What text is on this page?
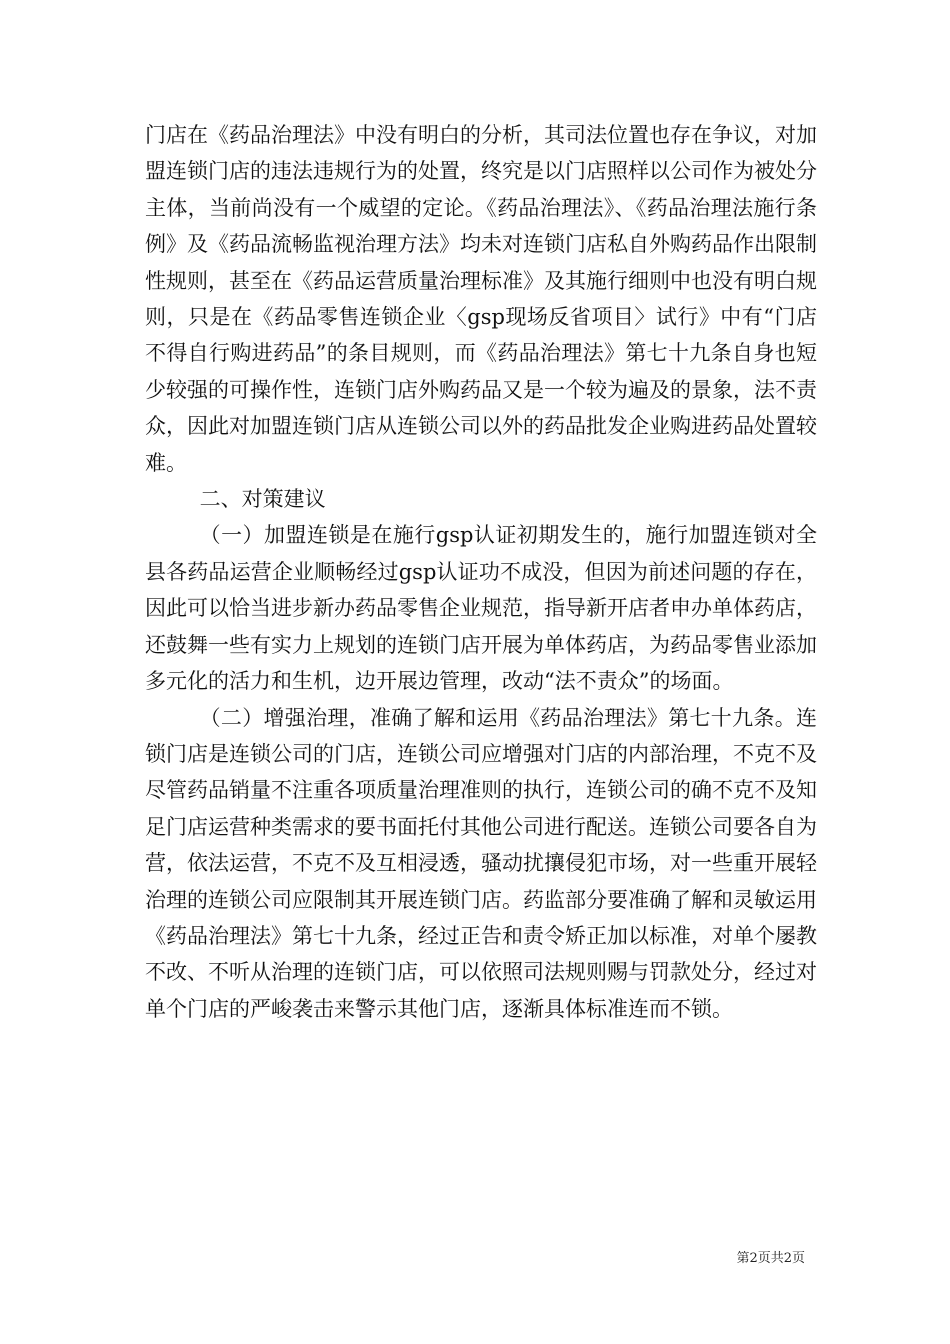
门店在《药品治理法》中没有明白的分析，其司法位置也存在争议，对加盟连锁门店的违法违规行为的处置，终究是以门店照样以公司作为被处分主体，当前尚没有一个威望的定论。《药品治理法》、《药品治理法施行条例》及《药品流畅监视治理方法》均未对连锁门店私自外购药品作出限制性规则，甚至在《药品运营质量治理标准》及其施行细则中也没有明白规则，只是在《药品零售连锁企业〈gsp现场反省项目〉试行》中有“门店不得自行购进药品”的条目规则，而《药品治理法》第七十九条自身也短少较强的可操作性，连锁门店外购药品又是一个较为遍及的景象，法不责众，因此对加盟连锁门店从连锁公司以外的药品批发企业购进药品处置较难。

二、对策建议

（一）加盟连锁是在施行gsp认证初期发生的，施行加盟连锁对全县各药品运营企业顺畅经过gsp认证功不成没，但因为前述问题的存在，因此可以恰当进步新办药品零售企业规范，指导新开店者申办单体药店，还鼓舞一些有实力上规划的连锁门店开展为单体药店，为药品零售业添加多元化的活力和生机，边开展边管理，改动“法不责众”的场面。

（二）增强治理，准确了解和运用《药品治理法》第七十九条。连锁门店是连锁公司的门店，连锁公司应增强对门店的内部治理，不克不及尽管药品销量不注重各项质量治理准则的执行，连锁公司的确不克不及知足门店运营种类需求的要书面托付其他公司进行配送。连锁公司要各自为营，依法运营，不克不及互相浸透，骚动扰攘侵犯市场，对一些重开展轻治理的连锁公司应限制其开展连锁门店。药监部分要准确了解和灵敏运用《药品治理法》第七十九条，经过正告和责令矫正加以标准，对单个屡教不改、不听从治理的连锁门店，可以依照司法规则赐与罚款处分，经过对单个门店的严峻袭击来警示其他门店，逐渐具体标准连而不锁。

第2页共2页
